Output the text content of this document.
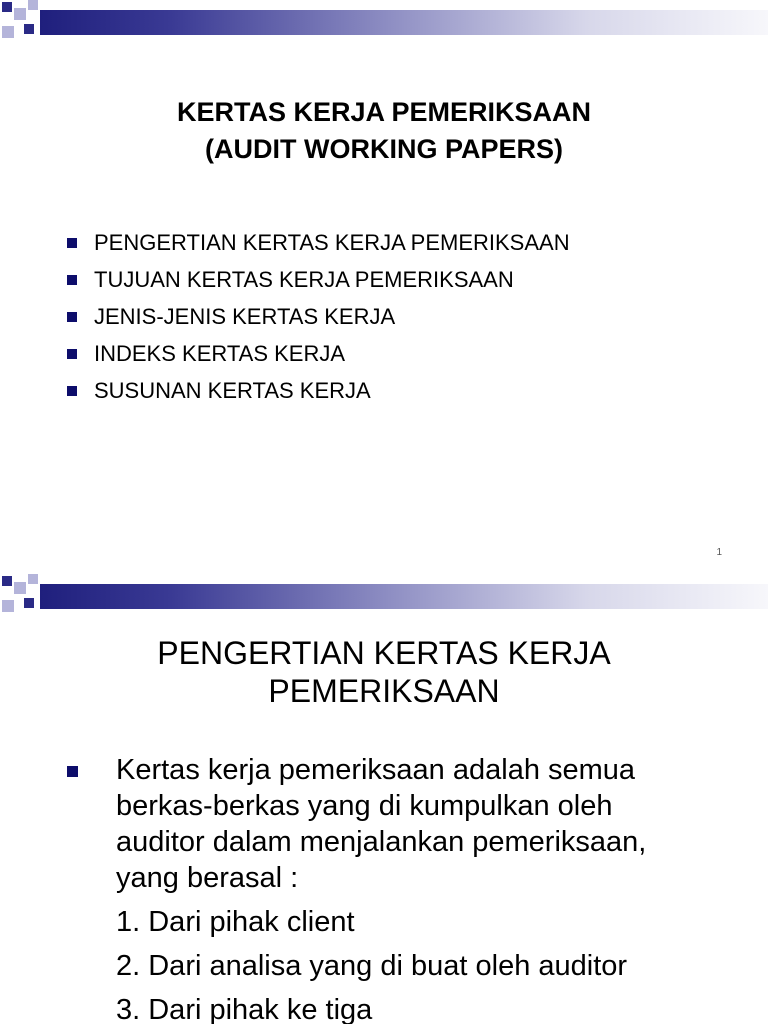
KERTAS KERJA PEMERIKSAAN
(AUDIT WORKING PAPERS)
PENGERTIAN KERTAS KERJA PEMERIKSAAN
TUJUAN KERTAS KERJA PEMERIKSAAN
JENIS-JENIS KERTAS KERJA
INDEKS KERTAS KERJA
SUSUNAN KERTAS KERJA
1
PENGERTIAN KERTAS KERJA
PEMERIKSAAN
Kertas kerja pemeriksaan adalah semua berkas-berkas yang di kumpulkan oleh auditor dalam menjalankan pemeriksaan, yang berasal :
1. Dari pihak client
2. Dari analisa yang di buat oleh auditor
3. Dari pihak ke tiga
